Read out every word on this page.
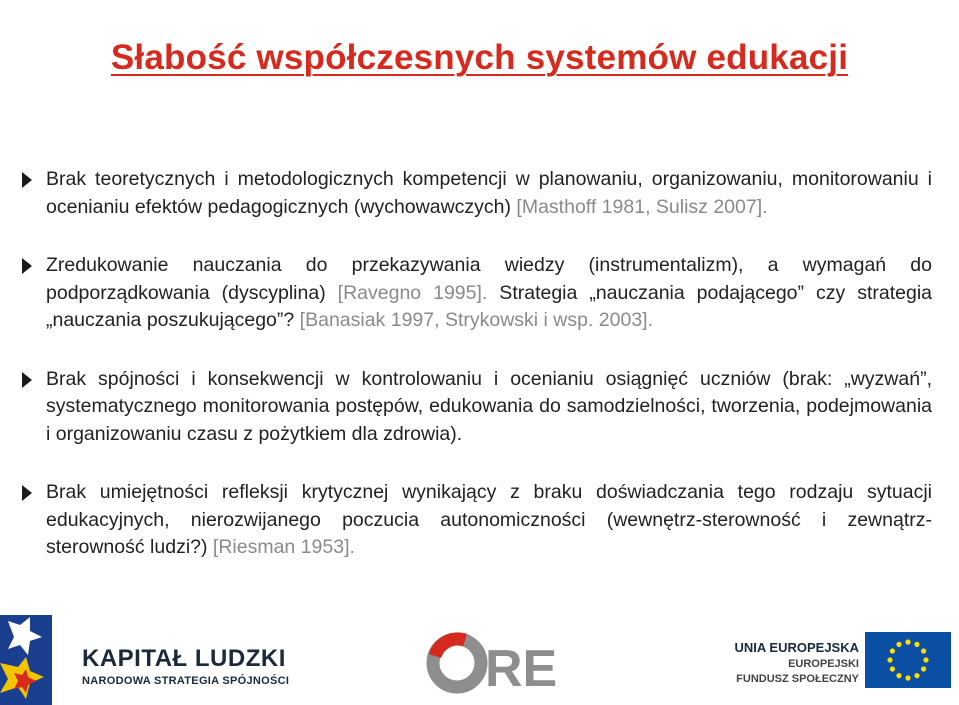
Słabość współczesnych systemów edukacji
Brak teoretycznych i metodologicznych kompetencji w planowaniu, organizowaniu, monitorowaniu i ocenianiu efektów pedagogicznych (wychowawczych) [Masthoff 1981, Sulisz 2007].
Zredukowanie nauczania do przekazywania wiedzy (instrumentalizm), a wymagań do podporządkowania (dyscyplina) [Ravegno 1995]. Strategia „nauczania podającego” czy strategia „nauczania poszukującego”? [Banasiak 1997, Strykowski i wsp. 2003].
Brak spójności i konsekwencji w kontrolowaniu i ocenianiu osiągnięć uczniów (brak: „wyzwań”, systematycznego monitorowania postępów, edukowania do samodzielności, tworzenia, podejmowania i organizowaniu czasu z pożytkiem dla zdrowia).
Brak umiejętności refleksji krytycznej wynikający z braku doświadczania tego rodzaju sytuacji edukacyjnych, nierozwijanego poczucia autonomiczności (wewnętrz-sterowność i zewnątrz-sterowność ludzi?) [Riesman 1953].
KAPITAŁ LUDZKI
NARODOWA STRATEGIA SPÓJNOŚCI	RE	UNIA EUROPEJSKA
EUROPEJSKI
FUNDUSZ SPOŁECZNY
